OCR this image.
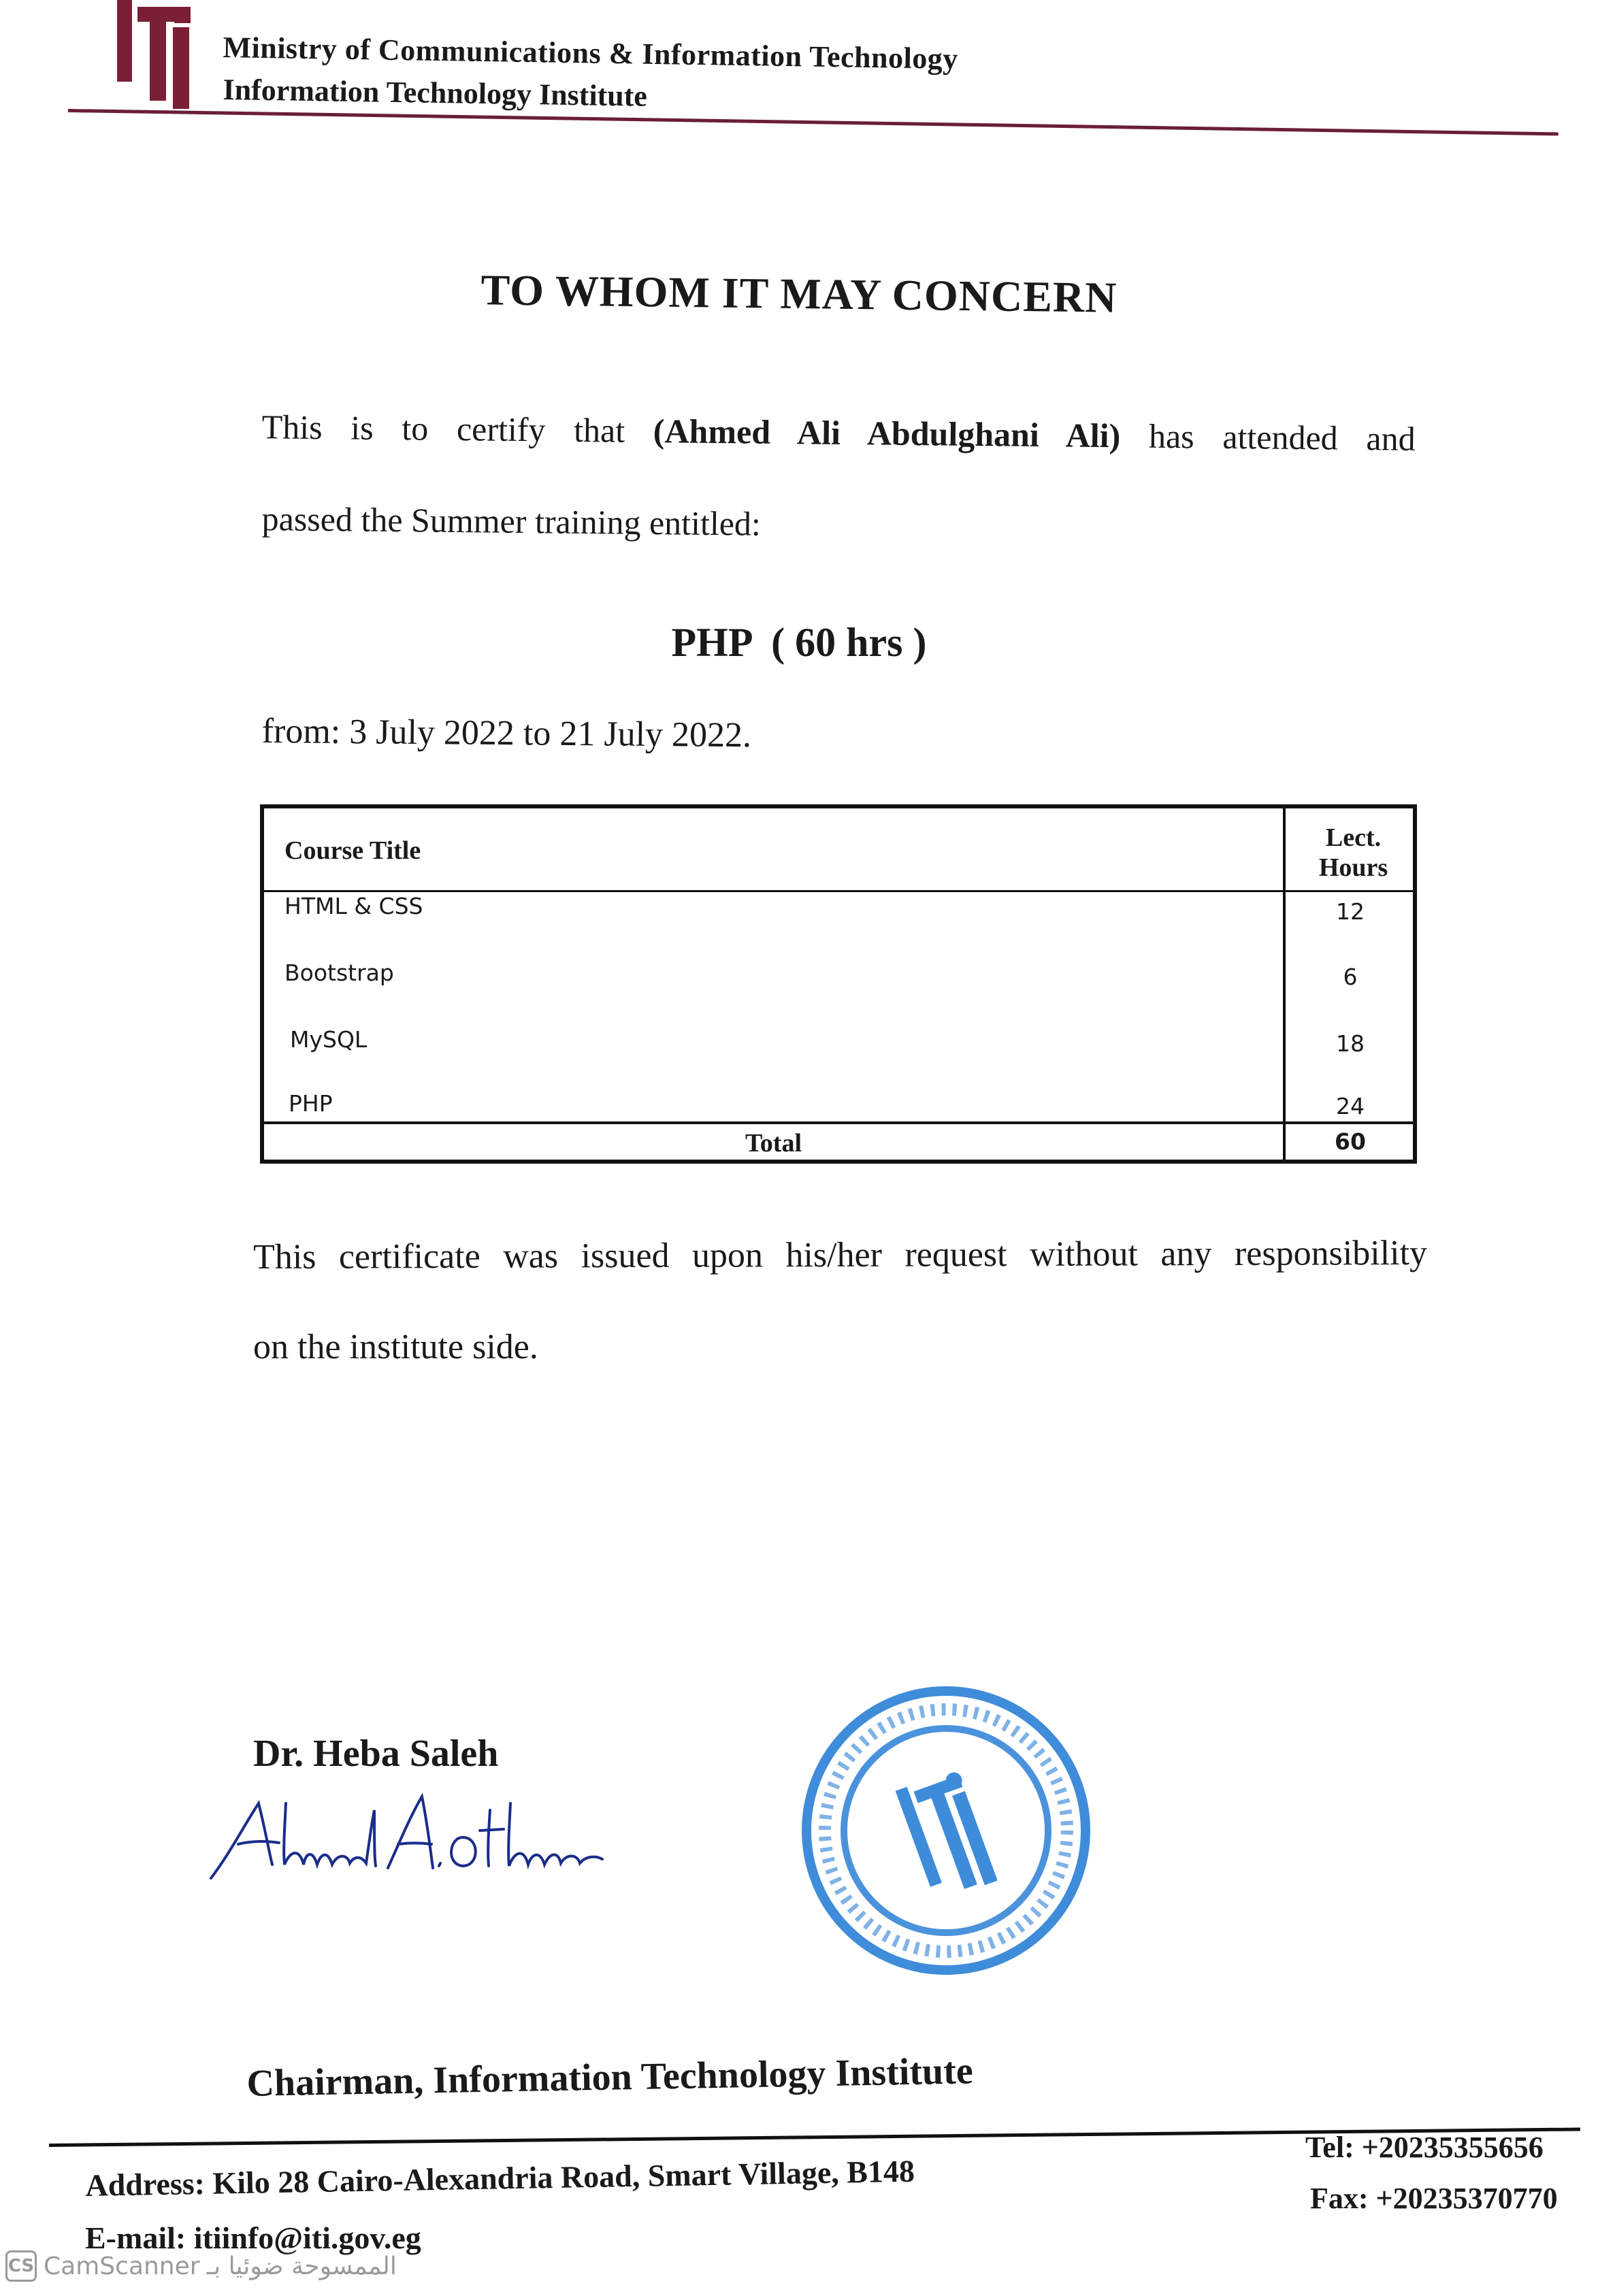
Ministry of Communications & Information Technology
Information Technology Institute
TO WHOM IT MAY CONCERN
This is to certify that (Ahmed Ali Abdulghani Ali) has attended and
passed the Summer training entitled:
PHP  ( 60 hrs )
from: 3 July 2022 to 21 July 2022.
Course Title	Lect.
Hours
HTML & CSS	12
Bootstrap	6
MySQL	18
PHP	24
Total	60
This certificate was issued upon his/her request without any responsibility
on the institute side.
Dr. Heba Saleh
Chairman, Information Technology Institute
Address: Kilo 28 Cairo-Alexandria Road, Smart Village, B148
E-mail: itiinfo@iti.gov.eg
Tel: +20235355656
Fax: +20235370770
CS CamScanner الممسوحة ضوئيا بـ
